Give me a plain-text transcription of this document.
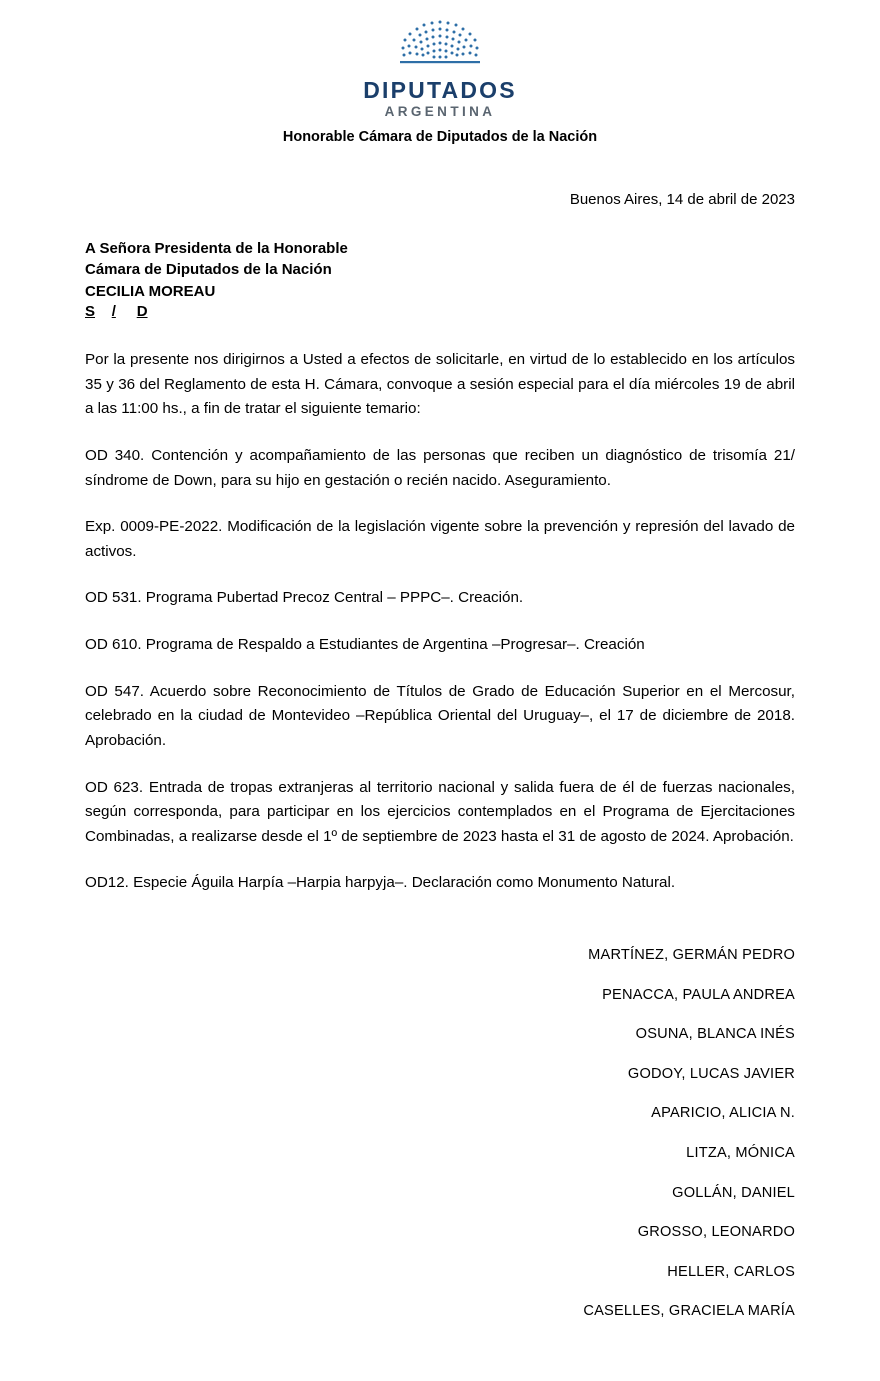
DIPUTADOS
ARGENTINA
Honorable Cámara de Diputados de la Nación
Buenos Aires, 14 de abril de 2023
A Señora Presidenta de la Honorable
Cámara de Diputados de la Nación
CECILIA MOREAU
S / D

Por la presente nos dirigirnos a Usted a efectos de solicitarle, en virtud de lo establecido en los artículos 35 y 36 del Reglamento de esta H. Cámara, convoque a sesión especial para el día miércoles 19 de abril a las 11:00 hs., a fin de tratar el siguiente temario:

OD 340. Contención y acompañamiento de las personas que reciben un diagnóstico de trisomía 21/ síndrome de Down, para su hijo en gestación o recién nacido. Aseguramiento.

Exp. 0009-PE-2022. Modificación de la legislación vigente sobre la prevención y represión del lavado de activos.

OD 531. Programa Pubertad Precoz Central – PPPC–. Creación.

OD 610. Programa de Respaldo a Estudiantes de Argentina –Progresar–. Creación

OD 547. Acuerdo sobre Reconocimiento de Títulos de Grado de Educación Superior en el Mercosur, celebrado en la ciudad de Montevideo –República Oriental del Uruguay–, el 17 de diciembre de 2018. Aprobación.

OD 623. Entrada de tropas extranjeras al territorio nacional y salida fuera de él de fuerzas nacionales, según corresponda, para participar en los ejercicios contemplados en el Programa de Ejercitaciones Combinadas, a realizarse desde el 1º de septiembre de 2023 hasta el 31 de agosto de 2024. Aprobación.

OD12. Especie Águila Harpía –Harpia harpyja–. Declaración como Monumento Natural.

MARTÍNEZ, GERMÁN PEDRO
PENACCA, PAULA ANDREA
OSUNA, BLANCA INÉS
GODOY, LUCAS JAVIER
APARICIO, ALICIA N.
LITZA, MÓNICA
GOLLÁN, DANIEL
GROSSO, LEONARDO
HELLER, CARLOS
CASELLES, GRACIELA MARÍA
